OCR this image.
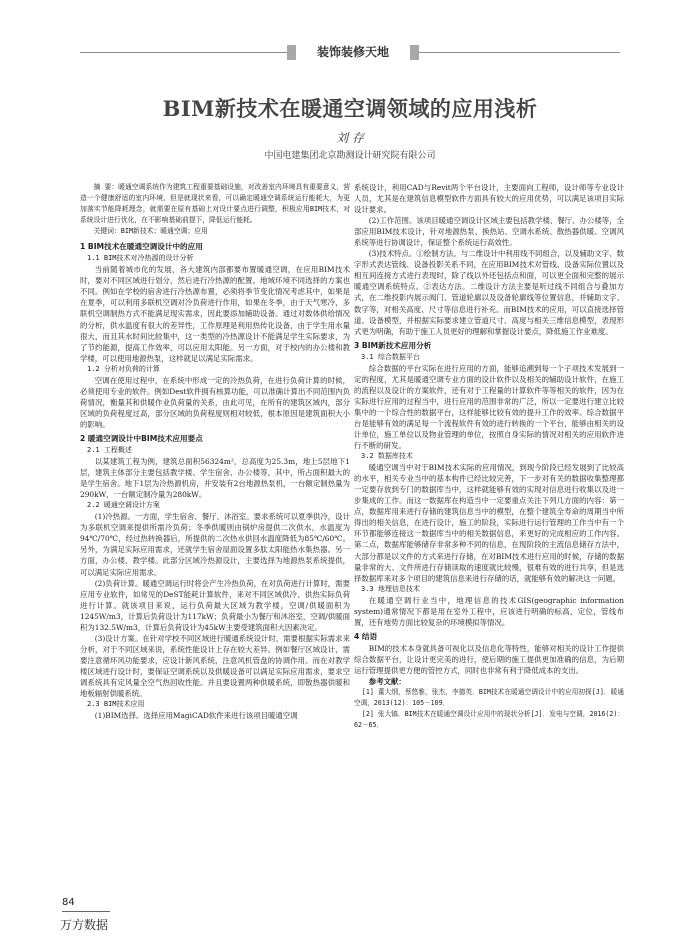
装饰装修天地
BIM新技术在暖通空调领域的应用浅析
刘 存
中国电建集团北京勘测设计研究院有限公司

摘 要：暖通空调系统作为建筑工程重要基础设施，对改善室内环境具有重要意义，营造一个健康舒适的室内环境，但是就现状来看，可以确定暖通空调系统运行能耗大，为更加落实节能降耗理念，就需要在原有基础上对设计要点进行调整，积极应用BIM技术，对系统设计进行优化，在不影响基础前提下，降低运行能耗。

关键词：BIM新技术；暖通空调；应用

1 BIM技术在暖通空调设计中的应用
1.1 BIM技术对冷热源的设计分析

当前随着城市化的发展，各大建筑内部都要布置暖通空调，在应用BIM技术时，要对不同区域进行划分，然后进行冷热源的配置。地域环境不同选择的方案也不同。例如在学校的宿舍进行冷热源布置，必须将季节变化情况考虑其中，如果是在夏季，可以利用多联机空调对冷负荷进行作用，如果在冬季，由于天气寒冷，多联机空调制热方式不能满足现实需求，因此要添加辅助设备。通过对数体供给情况的分析，供水温度有很大的差异性，工作原理是利用热传化设备，由于学生用水量很大，而且其水时间比较集中，这一类型的冷热源设计不能满足学生实际要求，为了节约能源，提高工作效率，可以应用太阳能。另一方面，对于校内的办公楼和教学楼，可以使用地源热泵，这样就足以满足实际需求。

1.2 分析对负荷的计算

空调在使用过程中，在系统中形成一定的冷热负荷，在进行负荷计算的时候，必须使用专业的软件。例如Dest软件拥有核算功能，可以准确计算出不同范围内负荷情况，衡量其和供暖作业负荷量的关系，由此可见，在所有的建筑区域内，部分区域的负荷程度过高，部分区域的负荷程度则相对较低，根本原因是建筑面积大小的影响。

2 暖通空调设计中BIM技术应用要点
2.1 工程概述

以某建筑工程为例，建筑总面积56324m²，总高度为25.3m，地上5层地下1层，建筑主体部分主要包括教学楼、学生宿舍、办公楼等，其中，所占面积最大的是学生宿舍。地下1层为冷热源机房，并安装有2台地源热泵机，一台额定制热量为290kW，一台额定制冷量为280kW。

2.2 暖通空调设计方案

(1)冷热源。一方面，学生宿舍、餐厅、沐浴室。要求系统可以夏季供冷，设计为多联机空调来提供所需冷负荷；冬季供暖则由锅炉房提供二次供水，水温度为94℃/70℃，经过热转换器后，所提供的二次热水供回水温度降低为85℃/60℃。另外，为满足实际应用需求，还就学生宿舍屋面设置多肽太阳能热水集热器。另一方面，办公楼、教学楼。此部分区域冷热源设计，主要选择为地源热泵系统提供，可以满足实际应用需求。

(2)负荷计算。暖通空调运行时将会产生冷热负荷，在对负荷进行计算时，需要应用专业软件，如常见的DeST能耗计算软件，来对不同区域供冷、供热实际负荷进行计算。就该项目来说，运行负荷最大区域为教学楼，空调/供暖面积为1245W/m3，计算后负荷设计为117kW；负荷最小为餐厅和沐浴室，空调/供暖面积为132.5W/m3，计算后负荷设计为45kW主要受建筑面积大因素决定。

(3)设计方案。在针对学校不同区域进行暖通系统设计时，需要根据实际需求来分析，对于不同区域来说，系统性能设计上存在较大差异。例如餐厅区域设计，需要注意循环风功能要求，应设计新风系统，注意风机管盘的协调作用。而在对教学楼区域进行设计时，要保证空调系统以及供暖设备可以满足实际应用需求，要求空调系统具有定风量全空气热回收性能。并且要设置两种供暖系统，即散热器供暖和地板辐射供暖系统。

2.3 BIM技术应用

(1)BIM选择。选择应用MagiCAD软件来进行该项目暖通空调

系统设计，利用CAD与Revit两个平台设计，主要面向工程师，设计师等专业设计人员，尤其是在建筑信息模型软件方面具有较大的应用优势，可以满足该项目实际设计要求。

(2)工作范围。该项目暖通空调设计区域主要包括教学楼、餐厅、办公楼等，全部应用BIM技术设计，针对地源热泵、换热站、空调水系统、散热器供暖、空调风系统等进行协调设计，保证整个系统运行高效性。

(3)技术特点。①绘制方法。与二维设计中利用线不同组合，以及辅助文字、数字形式表达管线、设备投影关系不同，在应用BIM技术对管线、设备实际位置以及相互间连接方式进行表现时，除了线以外还包括点和面，可以更全面和完整的展示暖通空调系统特点。②表达方法。二维设计方法主要是听过线不同组合与叠加方式，在二维投影内展示阀门、管道轮廓以及设备轮廓线等位置信息，并辅助文字、数字等，对相关高度、尺寸等信息进行补充。而BIM技术的应用，可以直接选择管道、设备模型，并根据实际要求建立管道尺寸、高度与相关三维信息模型，表现形式更为明确，有助于施工人员更好的理解和掌握设计要点，降低施工作业难度。

3 BIM新技术应用分析
3.1 综合数据平台

综合数据的平台实际在进行应用的方面，能够追溯到每一个子项技术发展到一定的程度，尤其是暖通空调专业方面的设计软件以及相关的辅助设计软件，在施工的流程以及设计的方案软件，还有对于工程量的计算软件等等相关的软件，因为在实际进行应用的过程当中，进行应用的范围非常的广泛，所以一定要进行建立比较集中的一个综合性的数据平台，这样能够比较有效的提升工作的效率。综合数据平台是能够有效的满足每一个流程软件有效的进行转换的一个平台，能够由相关的设计单位，施工单位以及物业管理的单位，按照自身实际的情况对相关的应用软件进行不断的研发。

3.2 数据库技术

暖通空调当中对于BIM技术实际的应用情况，到现今阶段已经发展到了比较高的水平，相关专业当中的基本构件已经比较完善，下一步对有关的数据收集整理都一定要存放到专门的数据库当中，这样就能够有效的实现对信息进行收集以及进一步集成的工作。而这一数据库在构造当中一定要重点关注下列几方面的内容：第一点，数据库用来进行存储的建筑信息当中的模型，在整个建筑全寿命的周期当中所得出的相关信息，在进行设计，施工的阶段，实际进行运行管理的工作当中有一个环节都能够连接这一数据库当中的相关数据信息，来更好的完成相应的工作内容。第二点，数据库能够储存非常多种不同的信息，在现阶段的主流信息储存方法中，大部分都是以文件的方式来进行存储，在对BIM技术进行应用的时候，存储的数据量非常的大、文件所进行存储读取的速度就比较慢，很难有效的进行共享，但是选择数据库来对多个项目的建筑信息来进行存储的话，就能够有效的解决这一问题。

3.3 地理信息技术

在暖通空调行业当中，地理信息的技术GIS(geographic information system)通常情况下都是用在室外工程中，应该进行明确的标高，定位，管线布置，还有地势方面比较复杂的环境模拟等情况。

4 结语

BIM的技术本身就具备可视化以及信息化等特性，能够对相关的设计工作提供综合数据平台，让设计更完美的进行，使后期的施工提供更加准确的信息，为后期运行管理提供更方便的管控方式，同时也非常有利于降低成本的支出。

参考文献：

[1] 董大纲，蔡悠雅，张杰，李德英．BIM技术在暖通空调设计中的应用初探[J]．暖通空调，2013(12)：105－109．

[2] 张大镐．BIM技术在暖通空调设计应用中的现状分析[J]．发电与空调，2016(2)：62－65．

84
万方数据
